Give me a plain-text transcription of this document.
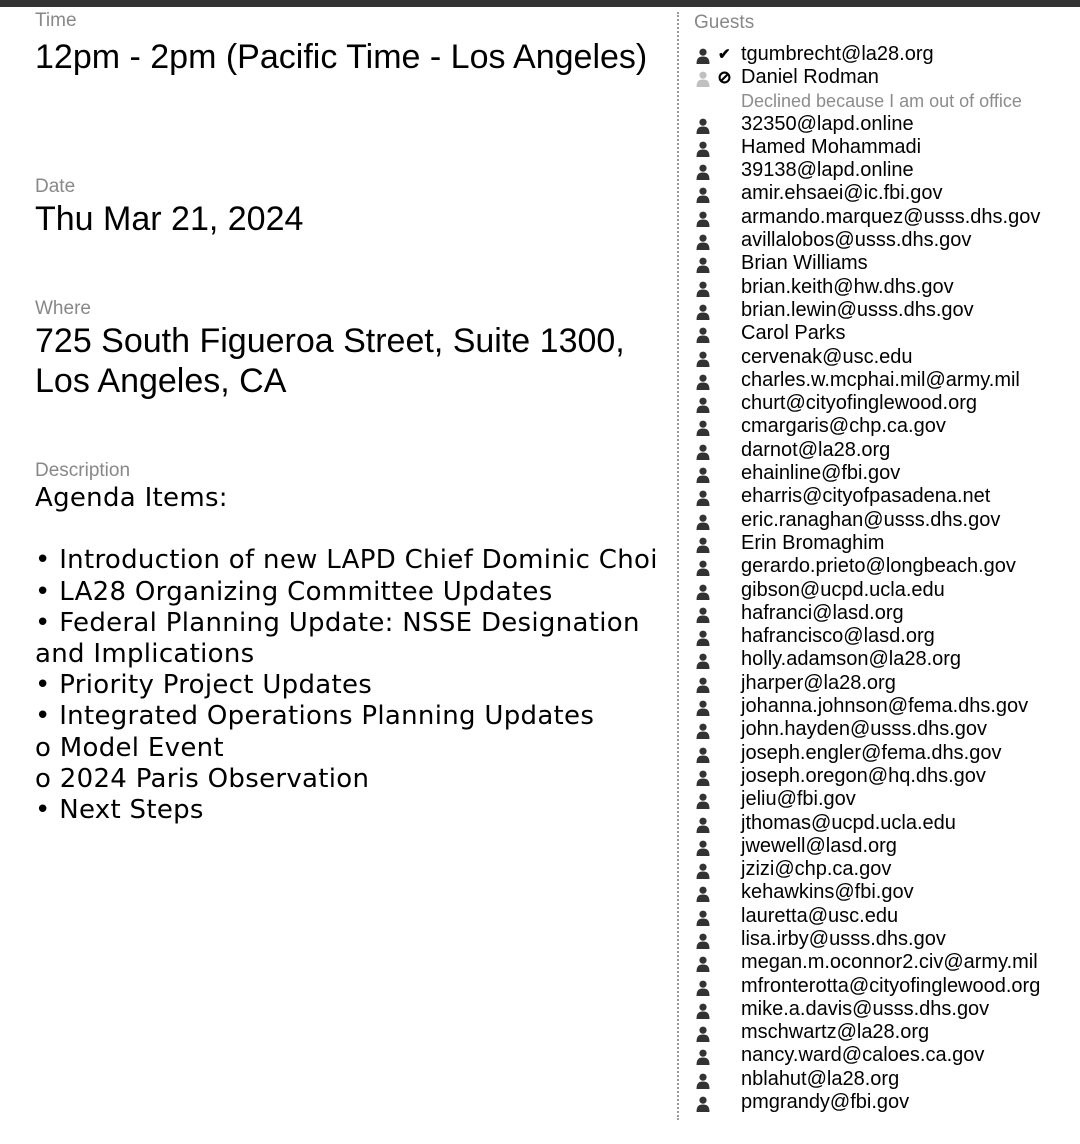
Time
12pm - 2pm (Pacific Time - Los Angeles)
Date
Thu Mar 21, 2024
Where
725 South Figueroa Street, Suite 1300, Los Angeles, CA
Description
Agenda Items:

• Introduction of new LAPD Chief Dominic Choi
• LA28 Organizing Committee Updates
• Federal Planning Update: NSSE Designation and Implications
• Priority Project Updates
• Integrated Operations Planning Updates
o Model Event
o 2024 Paris Observation
• Next Steps
Guests
✔ tgumbrecht@la28.org
Daniel Rodman
Declined because I am out of office
32350@lapd.online
Hamed Mohammadi
39138@lapd.online
amir.ehsaei@ic.fbi.gov
armando.marquez@usss.dhs.gov
avillalobos@usss.dhs.gov
Brian Williams
brian.keith@hw.dhs.gov
brian.lewin@usss.dhs.gov
Carol Parks
cervenak@usc.edu
charles.w.mcphai.mil@army.mil
churt@cityofinglewood.org
cmargaris@chp.ca.gov
darnot@la28.org
ehainline@fbi.gov
eharris@cityofpasadena.net
eric.ranaghan@usss.dhs.gov
Erin Bromaghim
gerardo.prieto@longbeach.gov
gibson@ucpd.ucla.edu
hafranci@lasd.org
hafrancisco@lasd.org
holly.adamson@la28.org
jharper@la28.org
johanna.johnson@fema.dhs.gov
john.hayden@usss.dhs.gov
joseph.engler@fema.dhs.gov
joseph.oregon@hq.dhs.gov
jeliu@fbi.gov
jthomas@ucpd.ucla.edu
jwewell@lasd.org
jzizi@chp.ca.gov
kehawkins@fbi.gov
lauretta@usc.edu
lisa.irby@usss.dhs.gov
megan.m.oconnor2.civ@army.mil
mfronterotta@cityofinglewood.org
mike.a.davis@usss.dhs.gov
mschwartz@la28.org
nancy.ward@caloes.ca.gov
nblahut@la28.org
pmgrandy@fbi.gov
